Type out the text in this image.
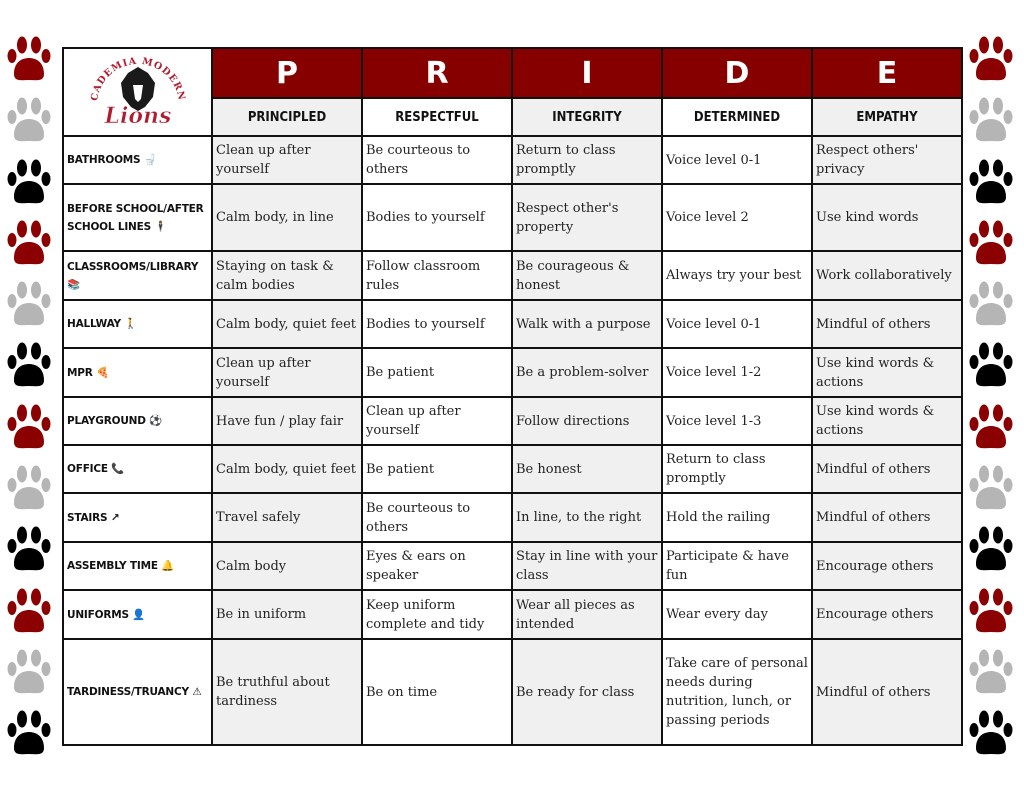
CADEMIA MODERN
Lions	P	R	I	D	E
	PRINCIPLED	RESPECTFUL	INTEGRITY	DETERMINED	EMPATHY
BATHROOMS 🚽	Clean up after yourself	Be courteous to others	Return to class promptly	Voice level 0-1	Respect others' privacy
BEFORE SCHOOL/AFTER SCHOOL LINES 🕴	Calm body, in line	Bodies to yourself	Respect other's property	Voice level 2	Use kind words
CLASSROOMS/LIBRARY 📚	Staying on task & calm bodies	Follow classroom rules	Be courageous & honest	Always try your best	Work collaboratively
HALLWAY 🚶	Calm body, quiet feet	Bodies to yourself	Walk with a purpose	Voice level 0-1	Mindful of others
MPR 🍕	Clean up after yourself	Be patient	Be a problem-solver	Voice level 1-2	Use kind words & actions
PLAYGROUND ⚽	Have fun / play fair	Clean up after yourself	Follow directions	Voice level 1-3	Use kind words & actions
OFFICE 📞	Calm body, quiet feet	Be patient	Be honest	Return to class promptly	Mindful of others
STAIRS ↗	Travel safely	Be courteous to others	In line, to the right	Hold the railing	Mindful of others
ASSEMBLY TIME 🔔	Calm body	Eyes & ears on speaker	Stay in line with your class	Participate & have fun	Encourage others
UNIFORMS 👤	Be in uniform	Keep uniform complete and tidy	Wear all pieces as intended	Wear every day	Encourage others
TARDINESS/TRUANCY ⚠	Be truthful about tardiness	Be on time	Be ready for class	Take care of personal needs during nutrition, lunch, or passing periods	Mindful of others
